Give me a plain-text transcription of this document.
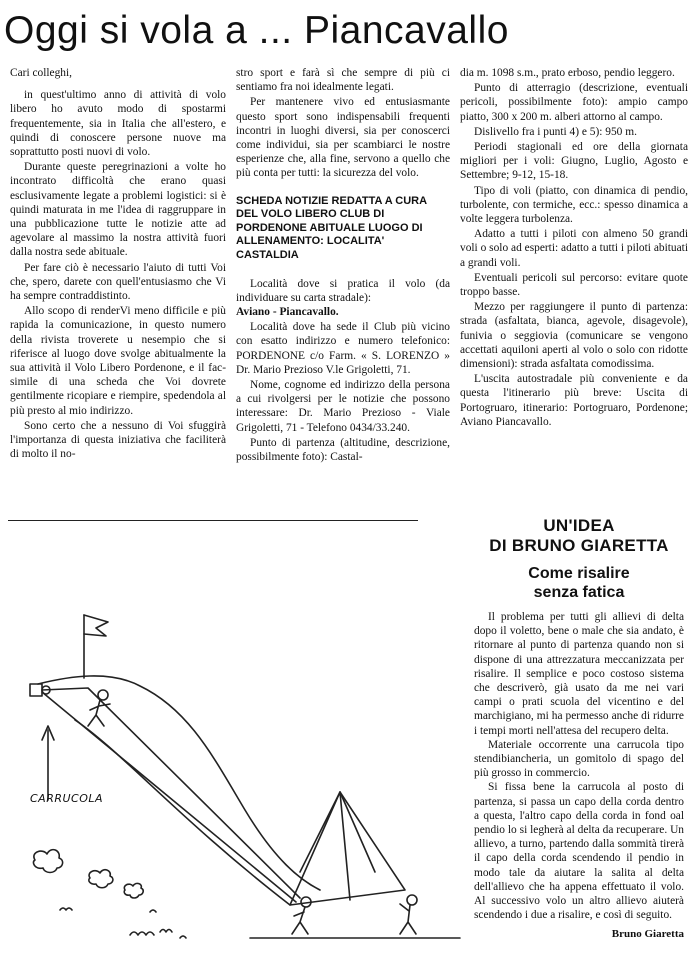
Oggi si vola a ... Piancavallo

Cari colleghi,

in quest'ultimo anno di attività di volo libero ho avuto modo di spostarmi frequentemente, sia in Italia che all'estero, e quindi di conoscere persone nuove ma soprattutto posti nuovi di volo.

Durante queste peregrinazioni a volte ho incontrato difficoltà che erano quasi esclusivamente legate a problemi logistici: si è quindi maturata in me l'idea di raggruppare in una pubblicazione tutte le notizie atte ad agevolare al massimo la nostra attività fuori dalla nostra sede abituale.

Per fare ciò è necessario l'aiuto di tutti Voi che, spero, darete con quell'entusiasmo che Vi ha sempre contraddistinto.

Allo scopo di renderVi meno difficile e più rapida la comunicazione, in questo numero della rivista troverete u nesempio che si riferisce al luogo dove svolge abitualmente la sua attività il Volo Libero Pordenone, e il fac-simile di una scheda che Voi dovrete gentilmente ricopiare e riempire, spedendola al più presto al mio indirizzo.

Sono certo che a nessuno di Voi sfuggirà l'importanza di questa iniziativa che faciliterà di molto il no-

stro sport e farà sì che sempre di più ci sentiamo fra noi idealmente legati.

Per mantenere vivo ed entusiasmante questo sport sono indispensabili frequenti incontri in luoghi diversi, sia per conoscerci come individui, sia per scambiarci le nostre esperienze che, alla fine, servono a quello che più conta per tutti: la sicurezza del volo.

SCHEDA NOTIZIE REDATTA A CURA DEL VOLO LIBERO CLUB DI PORDENONE ABITUALE LUOGO DI ALLENAMENTO: LOCALITA' CASTALDIA

Località dove si pratica il volo (da individuare su carta stradale):
Aviano - Piancavallo.

Località dove ha sede il Club più vicino con esatto indirizzo e numero telefonico: PORDENONE c/o Farm. « S. LORENZO » Dr. Mario Prezioso V.le Grigoletti, 71.

Nome, cognome ed indirizzo della persona a cui rivolgersi per le notizie che possono interessare: Dr. Mario Prezioso - Viale Grigoletti, 71 - Telefono 0434/33.240.

Punto di partenza (altitudine, descrizione, possibilmente foto): Castal-

dia m. 1098 s.m., prato erboso, pendio leggero.

Punto di atterragio (descrizione, eventuali pericoli, possibilmente foto): ampio campo piatto, 300 x 200 m. alberi attorno al campo.

Dislivello fra i punti 4) e 5): 950 m.

Periodi stagionali ed ore della giornata migliori per i voli: Giugno, Luglio, Agosto e Settembre; 9-12, 15-18.

Tipo di voli (piatto, con dinamica di pendio, turbolente, con termiche, ecc.: spesso dinamica a volte leggera turbolenza.

Adatto a tutti i piloti con almeno 50 grandi voli o solo ad esperti: adatto a tutti i piloti abituati a grandi voli.

Eventuali pericoli sul percorso: evitare quote troppo basse.

Mezzo per raggiungere il punto di partenza: strada (asfaltata, bianca, agevole, disagevole), funivia o seggiovia (comunicare se vengono accettati aquiloni aperti al volo o solo con ridotte dimensioni): strada asfaltata comodissima.

L'uscita autostradale più conveniente e da questa l'itinerario più breve: Uscita di Portogruaro, itinerario: Portogruaro, Pordenone; Aviano Piancavallo.

CARRUCOLA
UN'IDEA
DI BRUNO GIARETTA
Come risalire
senza fatica

Il problema per tutti gli allievi di delta dopo il voletto, bene o male che sia andato, è ritornare al punto di partenza quando non si dispone di una attrezzatura meccanizzata per risalire. Il semplice e poco costoso sistema che descriverò, già usato da me nei vari campi o prati scuola del vicentino e del marchigiano, mi ha permesso anche di ridurre i tempi morti nell'attesa del recupero delta.

Materiale occorrente una carrucola tipo stendibiancheria, un gomitolo di spago del più grosso in commercio.

Si fissa bene la carrucola al posto di partenza, si passa un capo della corda dentro a questa, l'altro capo della corda in fond oal pendio lo si legherà al delta da recuperare. Un allievo, a turno, partendo dalla sommità tirerà il capo della corda scendendo il pendio in modo tale da aiutare la salita al delta dell'allievo che ha appena effettuato il volo. Al successivo volo un altro allievo aiuterà scendendo i due a risalire, e così di seguito.

Bruno Giaretta
